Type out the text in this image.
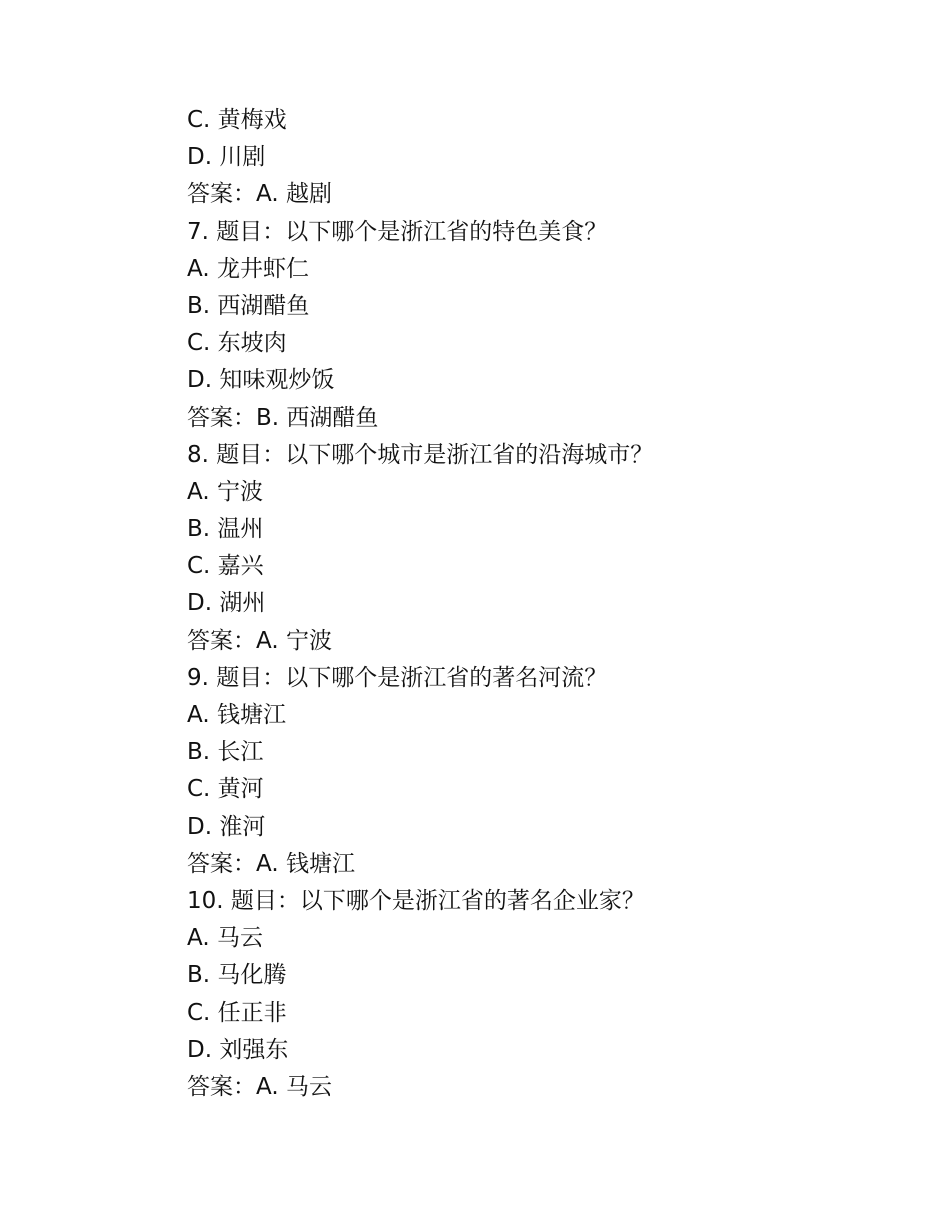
C. 黄梅戏
D. 川剧
答案：A. 越剧
7. 题目：以下哪个是浙江省的特色美食？
A. 龙井虾仁
B. 西湖醋鱼
C. 东坡肉
D. 知味观炒饭
答案：B. 西湖醋鱼
8. 题目：以下哪个城市是浙江省的沿海城市？
A. 宁波
B. 温州
C. 嘉兴
D. 湖州
答案：A. 宁波
9. 题目：以下哪个是浙江省的著名河流？
A. 钱塘江
B. 长江
C. 黄河
D. 淮河
答案：A. 钱塘江
10. 题目：以下哪个是浙江省的著名企业家？
A. 马云
B. 马化腾
C. 任正非
D. 刘强东
答案：A. 马云
